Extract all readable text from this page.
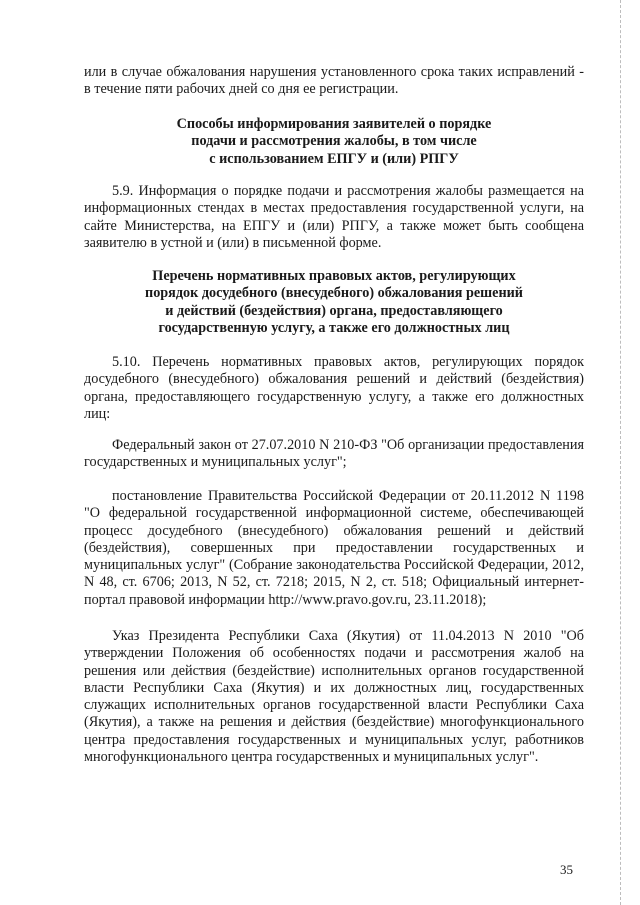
или в случае обжалования нарушения установленного срока таких исправлений - в течение пяти рабочих дней со дня ее регистрации.

Способы информирования заявителей о порядке
подачи и рассмотрения жалобы, в том числе
с использованием ЕПГУ и (или) РПГУ

5.9. Информация о порядке подачи и рассмотрения жалобы размещается на информационных стендах в местах предоставления государственной услуги, на сайте Министерства, на ЕПГУ и (или) РПГУ, а также может быть сообщена заявителю в устной и (или) в письменной форме.

Перечень нормативных правовых актов, регулирующих
порядок досудебного (внесудебного) обжалования решений
и действий (бездействия) органа, предоставляющего
государственную услугу, а также его должностных лиц

5.10. Перечень нормативных правовых актов, регулирующих порядок досудебного (внесудебного) обжалования решений и действий (бездействия) органа, предоставляющего государственную услугу, а также его должностных лиц:

Федеральный закон от 27.07.2010 N 210-ФЗ "Об организации предоставления государственных и муниципальных услуг";

постановление Правительства Российской Федерации от 20.11.2012 N 1198 "О федеральной государственной информационной системе, обеспечивающей процесс досудебного (внесудебного) обжалования решений и действий (бездействия), совершенных при предоставлении государственных и муниципальных услуг" (Собрание законодательства Российской Федерации, 2012, N 48, ст. 6706; 2013, N 52, ст. 7218; 2015, N 2, ст. 518; Официальный интернет-портал правовой информации http://www.pravo.gov.ru, 23.11.2018);

Указ Президента Республики Саха (Якутия) от 11.04.2013 N 2010 "Об утверждении Положения об особенностях подачи и рассмотрения жалоб на решения или действия (бездействие) исполнительных органов государственной власти Республики Саха (Якутия) и их должностных лиц, государственных служащих исполнительных органов государственной власти Республики Саха (Якутия), а также на решения и действия (бездействие) многофункционального центра предоставления государственных и муниципальных услуг, работников многофункционального центра государственных и муниципальных услуг".

35
